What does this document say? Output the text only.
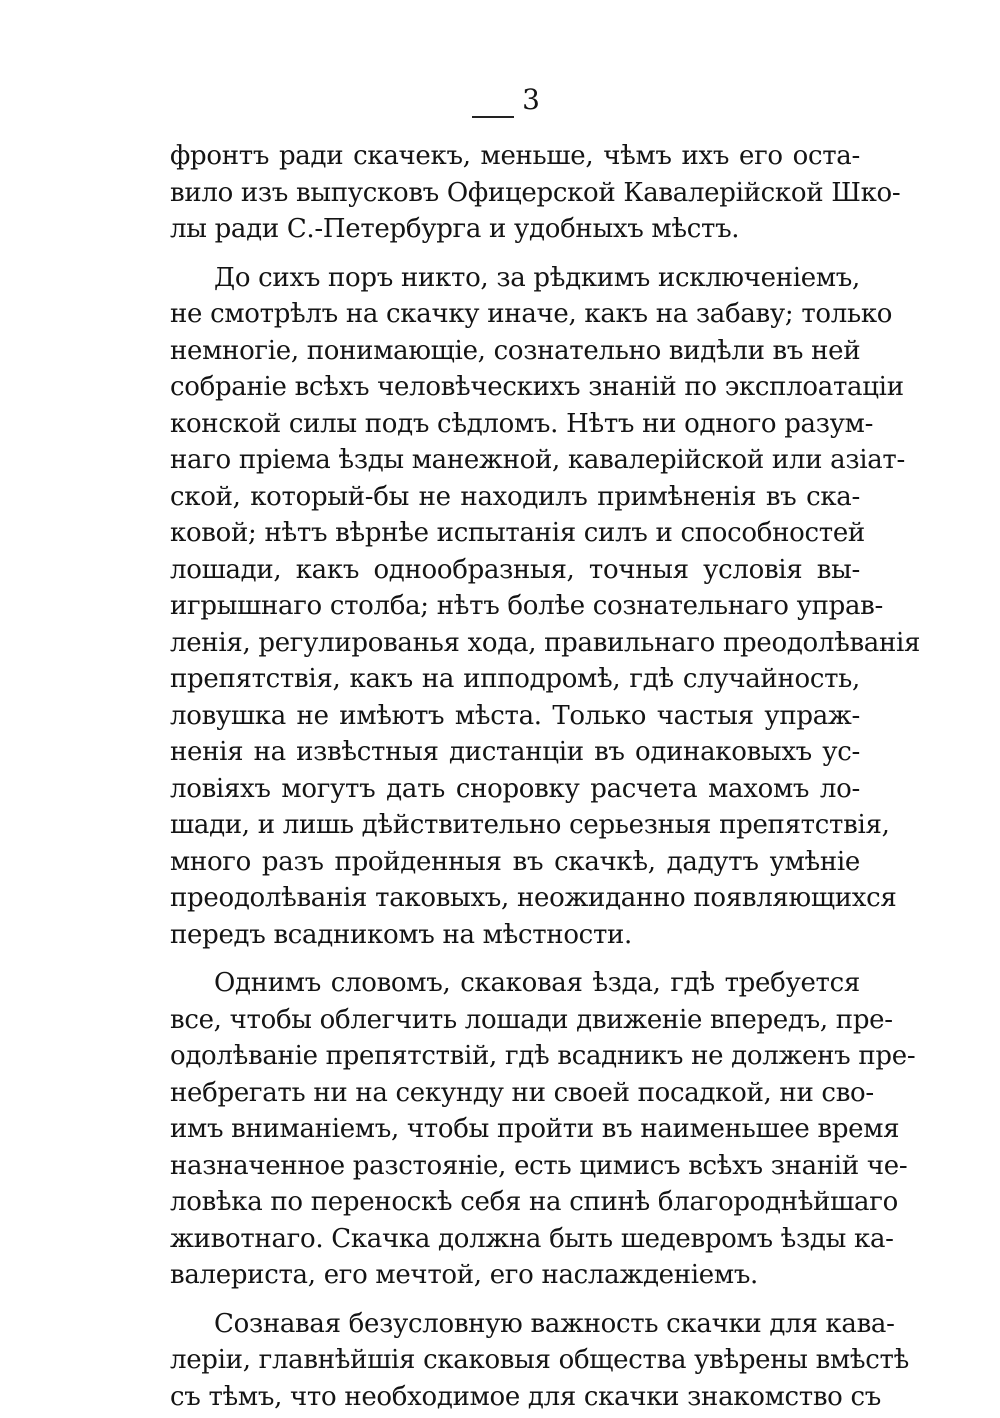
3
фронтъ ради скачекъ, меньше, чѣмъ ихъ его оста-
вило изъ выпусковъ Офицерской Кавалерійской Шко-
лы ради С.-Петербурга и удобныхъ мѣстъ.
До сихъ поръ никто, за рѣдкимъ исключеніемъ,
не смотрѣлъ на скачку иначе, какъ на забаву; только
немногіе, понимающіе, сознательно видѣли въ ней
собраніе всѣхъ человѣческихъ знаній по эксплоатаціи
конской силы подъ сѣдломъ. Нѣтъ ни одного разум-
наго пріема ѣзды манежной, кавалерійской или азіат-
ской, который-бы не находилъ примѣненія въ ска-
ковой; нѣтъ вѣрнѣе испытанія силъ и способностей
лошади, какъ однообразныя, точныя условія вы-
игрышнаго столба; нѣтъ болѣе сознательнаго управ-
ленія, регулированья хода, правильнаго преодолѣванія
препятствія, какъ на ипподромѣ, гдѣ случайность,
ловушка не имѣютъ мѣста. Только частыя упраж-
ненія на извѣстныя дистанціи въ одинаковыхъ ус-
ловіяхъ могутъ дать сноровку расчета махомъ ло-
шади, и лишь дѣйствительно серьезныя препятствія,
много разъ пройденныя въ скачкѣ, дадутъ умѣніе
преодолѣванія таковыхъ, неожиданно появляющихся
передъ всадникомъ на мѣстности.
Однимъ словомъ, скаковая ѣзда, гдѣ требуется
все, чтобы облегчить лошади движеніе впередъ, пре-
одолѣваніе препятствій, гдѣ всадникъ не долженъ пре-
небрегать ни на секунду ни своей посадкой, ни сво-
имъ вниманіемъ, чтобы пройти въ наименьшее время
назначенное разстояніе, есть цимисъ всѣхъ знаній че-
ловѣка по переноскѣ себя на спинѣ благороднѣйшаго
животнаго. Скачка должна быть шедевромъ ѣзды ка-
валериста, его мечтой, его наслажденіемъ.
Сознавая безусловную важность скачки для кава-
леріи, главнѣйшія скаковыя общества увѣрены вмѣстѣ
съ тѣмъ, что необходимое для скачки знакомство съ
